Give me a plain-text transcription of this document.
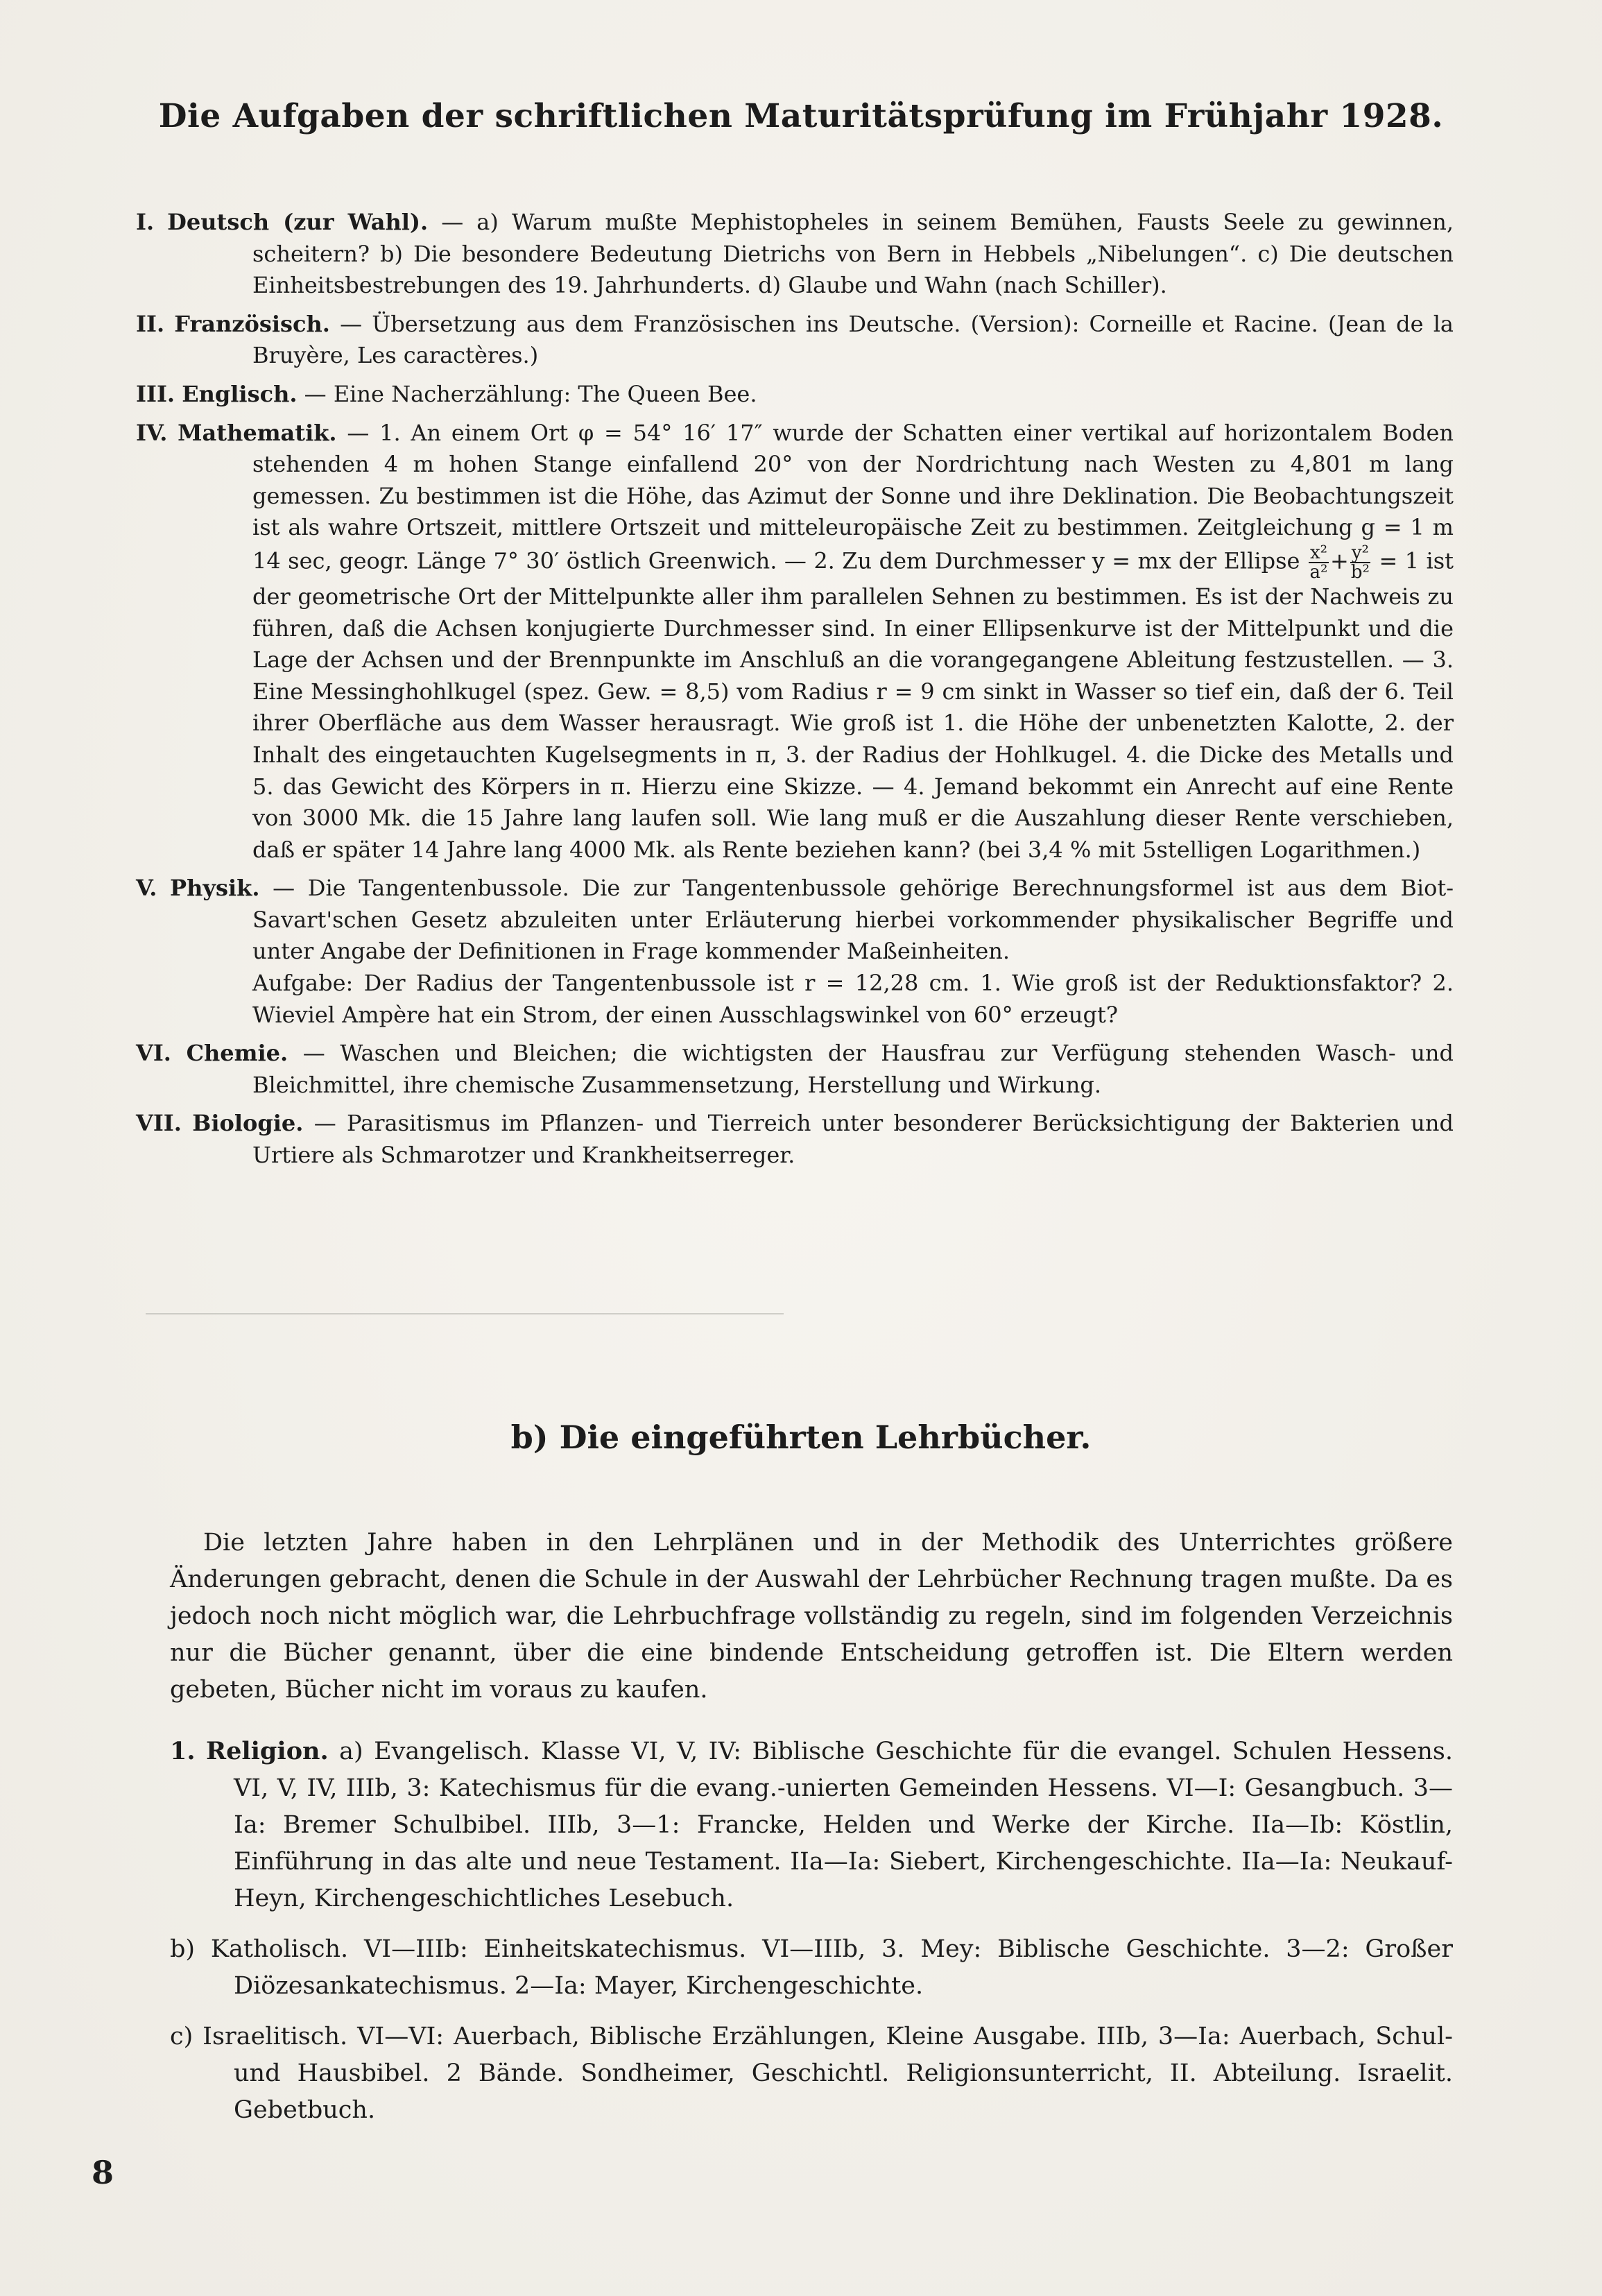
Die Aufgaben der schriftlichen Maturitätsprüfung im Frühjahr 1928.

I. Deutsch (zur Wahl). — a) Warum mußte Mephistopheles in seinem Bemühen, Fausts Seele zu gewinnen, scheitern? b) Die besondere Bedeutung Dietrichs von Bern in Hebbels „Nibelungen“. c) Die deutschen Einheitsbestrebungen des 19. Jahrhunderts. d) Glaube und Wahn (nach Schiller).

II. Französisch. — Übersetzung aus dem Französischen ins Deutsche. (Version): Corneille et Racine. (Jean de la Bruyère, Les caractères.)

III. Englisch. — Eine Nacherzählung: The Queen Bee.

IV. Mathematik. — 1. An einem Ort φ = 54° 16′ 17″ wurde der Schatten einer vertikal auf horizontalem Boden stehenden 4 m hohen Stange einfallend 20° von der Nordrichtung nach Westen zu 4,801 m lang gemessen. Zu bestimmen ist die Höhe, das Azimut der Sonne und ihre Deklination. Die Beobachtungszeit ist als wahre Ortszeit, mittlere Ortszeit und mitteleuropäische Zeit zu bestimmen. Zeitgleichung g = 1 m 14 sec, geogr. Länge 7° 30′ östlich Greenwich. — 2. Zu dem Durchmesser y = mx der Ellipse $\frac{\text{x²}}{\text{a²}} + \frac{\text{y²}}{\text{b²}} = 1$ ist der geometrische Ort der Mittelpunkte aller ihm parallelen Sehnen zu bestimmen. Es ist der Nachweis zu führen, daß die Achsen konjugierte Durchmesser sind. In einer Ellipsenkurve ist der Mittelpunkt und die Lage der Achsen und der Brennpunkte im Anschluß an die vorangegangene Ableitung festzustellen. — 3. Eine Messinghohlkugel (spez. Gew. = 8,5) vom Radius r = 9 cm sinkt in Wasser so tief ein, daß der 6. Teil ihrer Oberfläche aus dem Wasser herausragt. Wie groß ist 1. die Höhe der unbenetzten Kalotte, 2. der Inhalt des eingetauchten Kugelsegments in π, 3. der Radius der Hohlkugel. 4. die Dicke des Metalls und 5. das Gewicht des Körpers in π. Hierzu eine Skizze. — 4. Jemand bekommt ein Anrecht auf eine Rente von 3000 Mk. die 15 Jahre lang laufen soll. Wie lang muß er die Auszahlung dieser Rente verschieben, daß er später 14 Jahre lang 4000 Mk. als Rente beziehen kann? (bei 3,4 % mit 5stelligen Logarithmen.)

V. Physik. — Die Tangentenbussole. Die zur Tangentenbussole gehörige Berechnungsformel ist aus dem Biot-Savart'schen Gesetz abzuleiten unter Erläuterung hierbei vorkommender physikalischer Begriffe und unter Angabe der Definitionen in Frage kommender Maßeinheiten.
Aufgabe: Der Radius der Tangentenbussole ist r = 12,28 cm. 1. Wie groß ist der Reduktionsfaktor? 2. Wieviel Ampère hat ein Strom, der einen Ausschlagswinkel von 60° erzeugt?

VI. Chemie. — Waschen und Bleichen; die wichtigsten der Hausfrau zur Verfügung stehenden Wasch- und Bleichmittel, ihre chemische Zusammensetzung, Herstellung und Wirkung.

VII. Biologie. — Parasitismus im Pflanzen- und Tierreich unter besonderer Berücksichtigung der Bakterien und Urtiere als Schmarotzer und Krankheitserreger.

b) Die eingeführten Lehrbücher.

Die letzten Jahre haben in den Lehrplänen und in der Methodik des Unterrichtes größere Änderungen gebracht, denen die Schule in der Auswahl der Lehrbücher Rechnung tragen mußte. Da es jedoch noch nicht möglich war, die Lehrbuchfrage vollständig zu regeln, sind im folgenden Verzeichnis nur die Bücher genannt, über die eine bindende Entscheidung getroffen ist. Die Eltern werden gebeten, Bücher nicht im voraus zu kaufen.

1. Religion. a) Evangelisch. Klasse VI, V, IV: Biblische Geschichte für die evangel. Schulen Hessens. VI, V, IV, IIIb, 3: Katechismus für die evang.-unierten Gemeinden Hessens. VI—I: Gesangbuch. 3—Ia: Bremer Schulbibel. IIIb, 3—1: Francke, Helden und Werke der Kirche. IIa—Ib: Köstlin, Einführung in das alte und neue Testament. IIa—Ia: Siebert, Kirchengeschichte. IIa—Ia: Neukauf-Heyn, Kirchengeschichtliches Lesebuch.

b) Katholisch. VI—IIIb: Einheitskatechismus. VI—IIIb, 3. Mey: Biblische Geschichte. 3—2: Großer Diözesankatechismus. 2—Ia: Mayer, Kirchengeschichte.

c) Israelitisch. VI—VI: Auerbach, Biblische Erzählungen, Kleine Ausgabe. IIIb, 3—Ia: Auerbach, Schul- und Hausbibel. 2 Bände. Sondheimer, Geschichtl. Religionsunterricht, II. Abteilung. Israelit. Gebetbuch.

8
